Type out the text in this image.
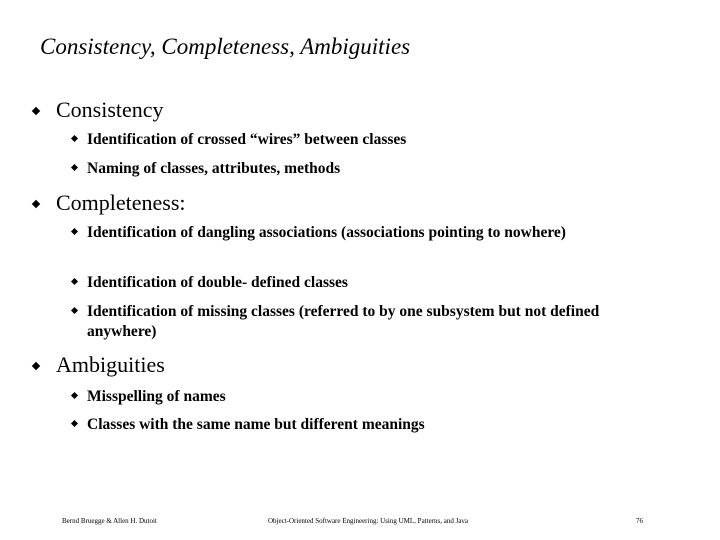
Consistency, Completeness, Ambiguities
Consistency
Identification of crossed “wires” between classes
Naming of classes, attributes, methods
Completeness:
Identification of dangling associations (associations pointing to nowhere)
Identification of double- defined classes
Identification of missing classes (referred to by one subsystem but not defined anywhere)
Ambiguities
Misspelling of names
Classes with the same name but different meanings
Bernd Bruegge & Allen H. Dutoit	Object-Oriented Software Engineering: Using UML, Patterns, and Java	76
